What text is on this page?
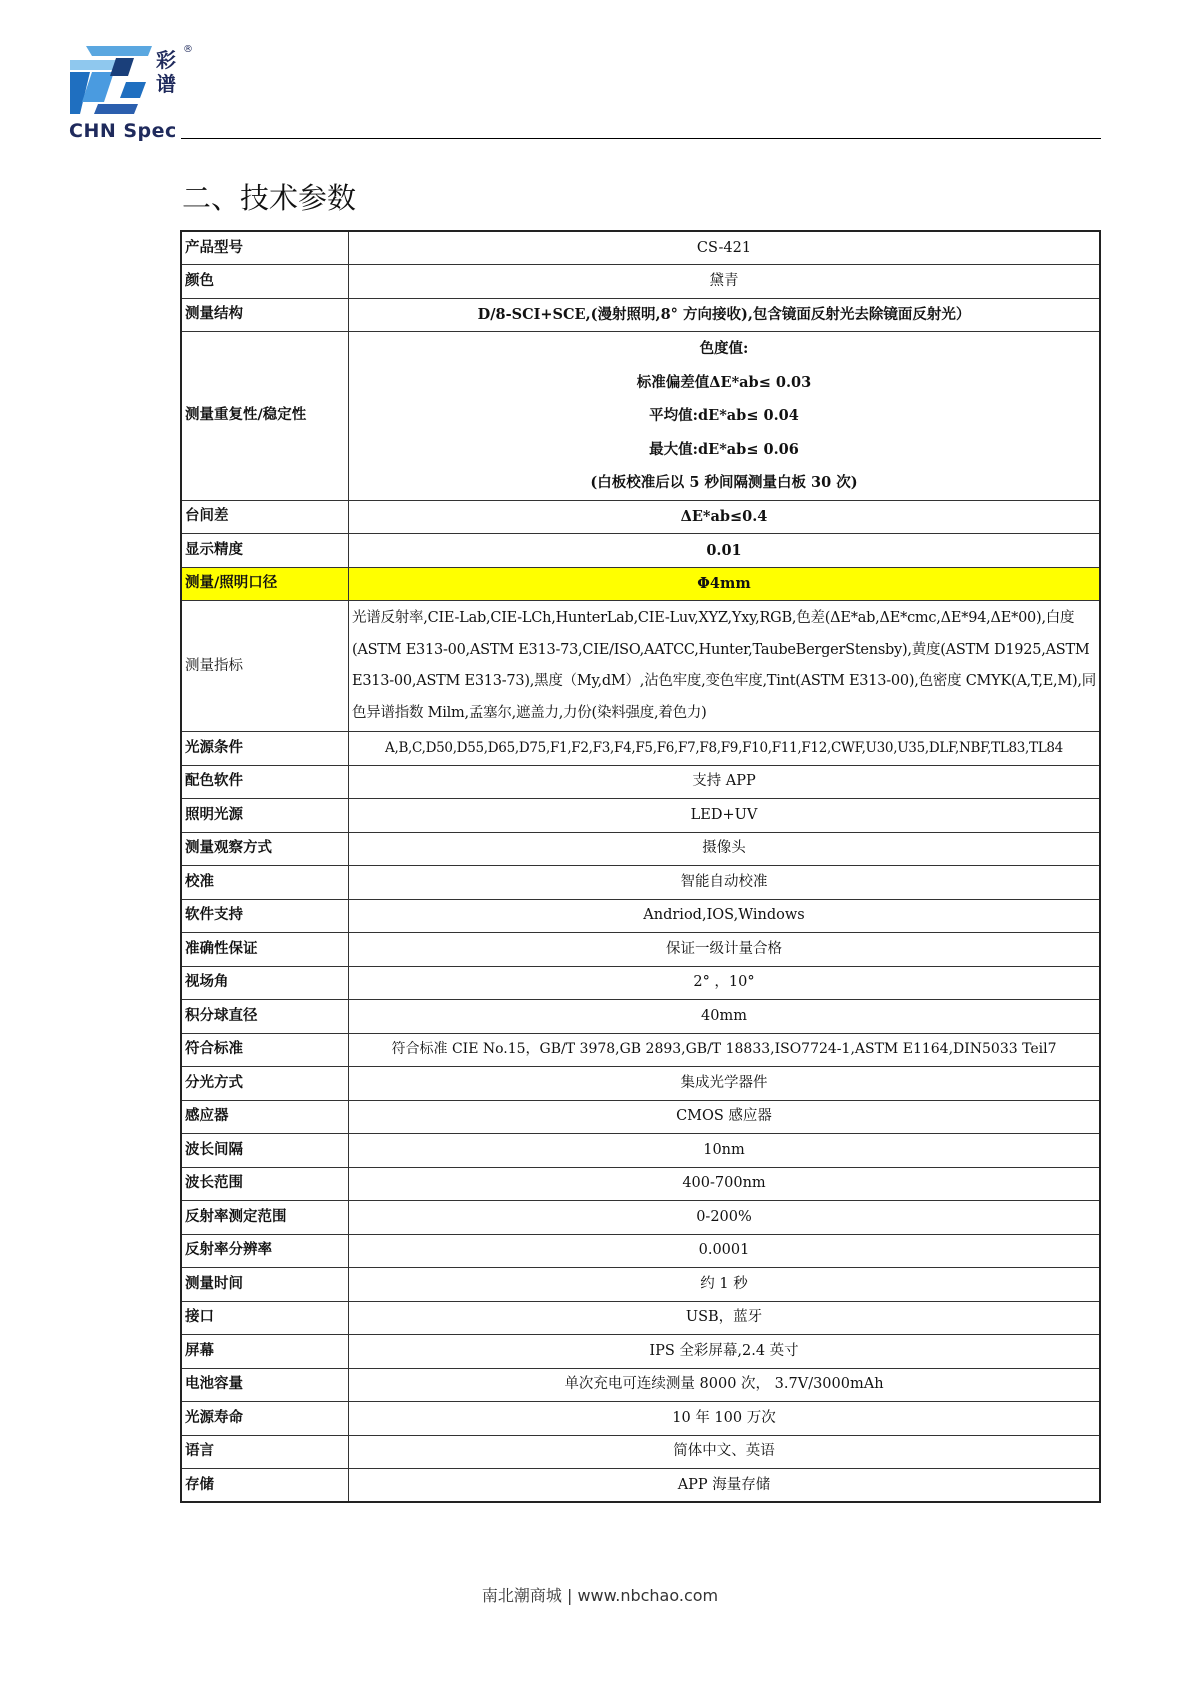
彩
谱
®
CHN Spec
二、技术参数
产品型号	CS-421
颜色	黛青
测量结构	D/8-SCI+SCE,(漫射照明,8° 方向接收),包含镜面反射光去除镜面反射光）
测量重复性/稳定性	色度值:
标准偏差值ΔE*ab≤ 0.03
平均值:dE*ab≤ 0.04
最大值:dE*ab≤ 0.06
(白板校准后以 5 秒间隔测量白板 30 次)

台间差	ΔE*ab≤0.4
显示精度	0.01
测量/照明口径	Φ4mm
测量指标	光谱反射率,CIE-Lab,CIE-LCh,HunterLab,CIE-Luv,XYZ,Yxy,RGB,色差(ΔE*ab,ΔE*cmc,ΔE*94,ΔE*00),白度(ASTM E313-00,ASTM E313-73,CIE/ISO,AATCC,Hunter,TaubeBergerStensby),黄度(ASTM D1925,ASTM E313-00,ASTM E313-73),黑度（My,dM）,沾色牢度,变色牢度,Tint(ASTM E313-00),色密度 CMYK(A,T,E,M),同色异谱指数 Milm,孟塞尔,遮盖力,力份(染料强度,着色力)
光源条件	A,B,C,D50,D55,D65,D75,F1,F2,F3,F4,F5,F6,F7,F8,F9,F10,F11,F12,CWF,U30,U35,DLF,NBF,TL83,TL84
配色软件	支持 APP
照明光源	LED+UV
测量观察方式	摄像头
校准	智能自动校准
软件支持	Andriod,IOS,Windows
准确性保证	保证一级计量合格
视场角	2° ，10°
积分球直径	40mm
符合标准	符合标准 CIE No.15，GB/T 3978,GB 2893,GB/T 18833,ISO7724-1,ASTM E1164,DIN5033 Teil7
分光方式	集成光学器件
感应器	CMOS 感应器
波长间隔	10nm
波长范围	400-700nm
反射率测定范围	0-200%
反射率分辨率	0.0001
测量时间	约 1 秒
接口	USB，蓝牙
屏幕	IPS 全彩屏幕,2.4 英寸
电池容量	单次充电可连续测量 8000 次， 3.7V/3000mAh
光源寿命	10 年 100 万次
语言	简体中文、英语
存储	APP 海量存储
南北潮商城 | www.nbchao.com
